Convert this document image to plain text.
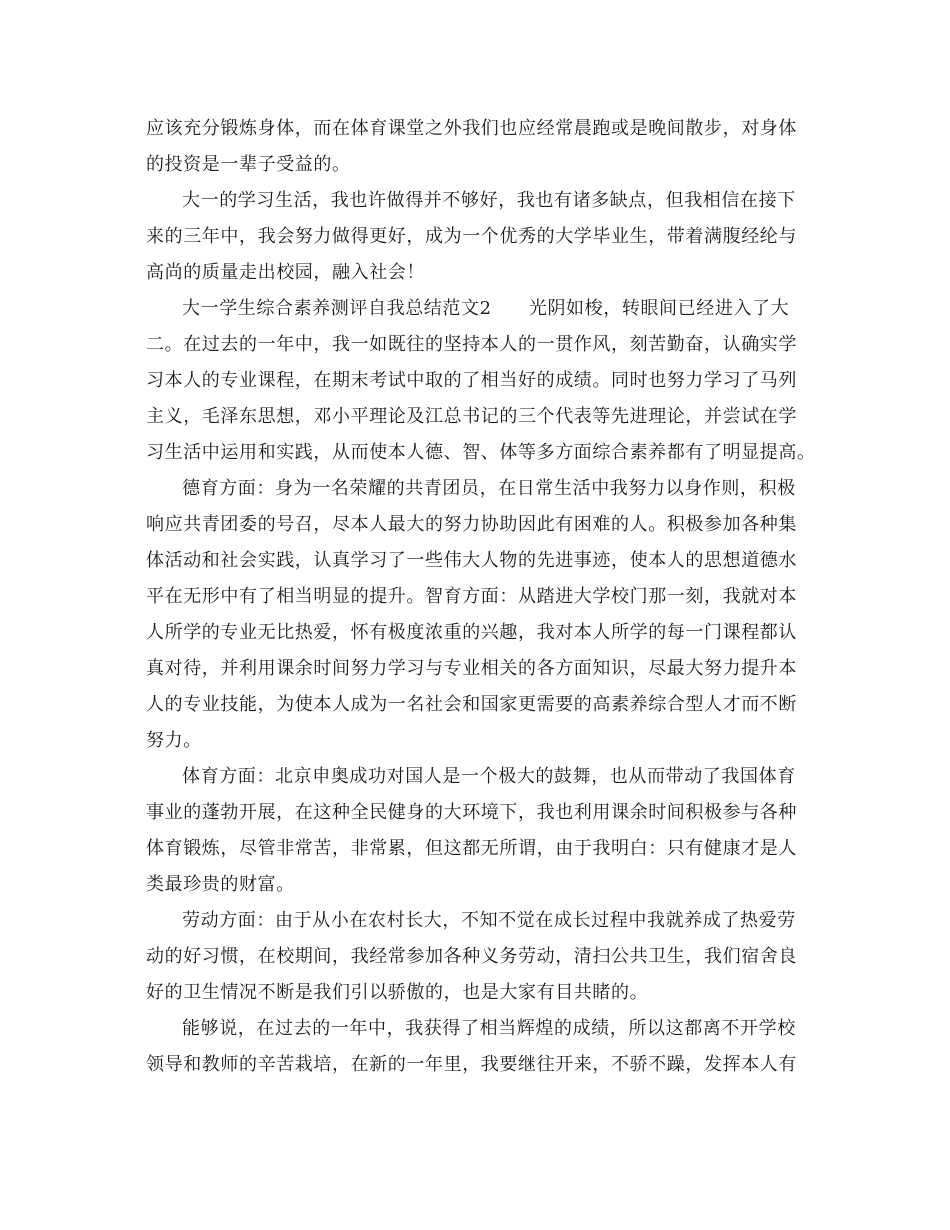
应该充分锻炼身体，而在体育课堂之外我们也应经常晨跑或是晚间散步，对身体
的投资是一辈子受益的。
大一的学习生活，我也许做得并不够好，我也有诸多缺点，但我相信在接下
来的三年中，我会努力做得更好，成为一个优秀的大学毕业生，带着满腹经纶与
高尚的质量走出校园，融入社会！
大一学生综合素养测评自我总结范文2　　光阴如梭，转眼间已经进入了大
二。在过去的一年中，我一如既往的坚持本人的一贯作风，刻苦勤奋，认确实学
习本人的专业课程，在期末考试中取的了相当好的成绩。同时也努力学习了马列
主义，毛泽东思想，邓小平理论及江总书记的三个代表等先进理论，并尝试在学
习生活中运用和实践，从而使本人德、智、体等多方面综合素养都有了明显提高。
德育方面：身为一名荣耀的共青团员，在日常生活中我努力以身作则，积极
响应共青团委的号召，尽本人最大的努力协助因此有困难的人。积极参加各种集
体活动和社会实践，认真学习了一些伟大人物的先进事迹，使本人的思想道德水
平在无形中有了相当明显的提升。智育方面：从踏进大学校门那一刻，我就对本
人所学的专业无比热爱，怀有极度浓重的兴趣，我对本人所学的每一门课程都认
真对待，并利用课余时间努力学习与专业相关的各方面知识，尽最大努力提升本
人的专业技能，为使本人成为一名社会和国家更需要的高素养综合型人才而不断
努力。
体育方面：北京申奥成功对国人是一个极大的鼓舞，也从而带动了我国体育
事业的蓬勃开展，在这种全民健身的大环境下，我也利用课余时间积极参与各种
体育锻炼，尽管非常苦，非常累，但这都无所谓，由于我明白：只有健康才是人
类最珍贵的财富。
劳动方面：由于从小在农村长大，不知不觉在成长过程中我就养成了热爱劳
动的好习惯，在校期间，我经常参加各种义务劳动，清扫公共卫生，我们宿舍良
好的卫生情况不断是我们引以骄傲的，也是大家有目共睹的。
能够说，在过去的一年中，我获得了相当辉煌的成绩，所以这都离不开学校
领导和教师的辛苦栽培，在新的一年里，我要继往开来，不骄不躁，发挥本人有
